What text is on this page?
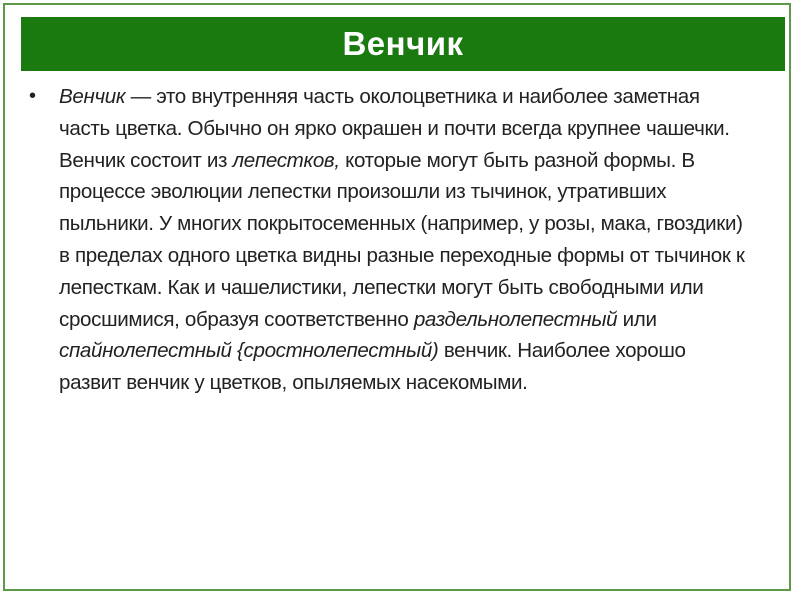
Венчик
•	Венчик — это внутренняя часть околоцветника и наиболее заметная часть цветка. Обычно он ярко окрашен и почти всегда крупнее чашечки. Венчик состоит из лепестков, которые могут быть разной формы. В процессе эволюции лепестки произошли из тычинок, утративших пыльники. У многих покрытосеменных (например, у розы, мака, гвоздики) в пределах одного цветка видны разные переходные формы от тычинок к лепесткам. Как и чашелистики, лепестки могут быть свободными или сросшимися, образуя соответственно раздельнолепестный или спайнолепестный {сростнолепестный) венчик. Наиболее хорошо развит венчик у цветков, опыляемых насекомыми.
